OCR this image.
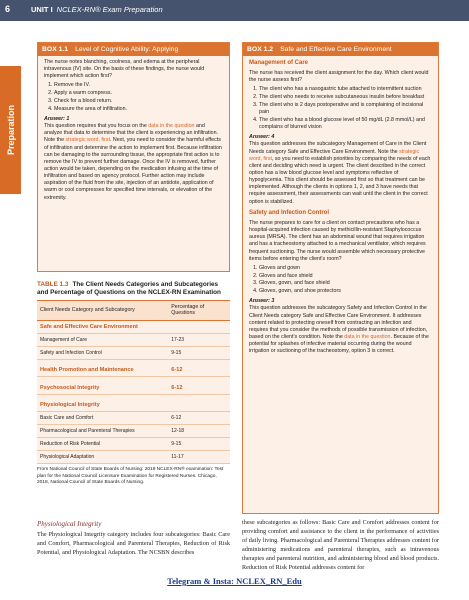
6	UNIT I NCLEX-RN® Exam Preparation
Preparation
BOX 1.1 Level of Cognitive Ability: Applying

The nurse notes blanching, coolness, and edema at the peripheral intravenous (IV) site. On the basis of these findings, the nurse would implement which action first?

1. Remove the IV.
2. Apply a warm compress.
3. Check for a blood return.
4. Measure the area of infiltration.
Answer: 1

This question requires that you focus on the data in the question and analyze that data to determine that the client is experiencing an infiltration. Note the strategic word, first. Next, you need to consider the harmful effects of infiltration and determine the action to implement first. Because infiltration can be damaging to the surrounding tissue, the appropriate first action is to remove the IV to prevent further damage. Once the IV is removed, further action would be taken, depending on the medication infusing at the time of infiltration and based on agency protocol. Further action may include aspiration of the fluid from the site, injection of an antidote, application of warm or cool compresses for specified time intervals, or elevation of the extremity.

BOX 1.2 Safe and Effective Care Environment
Management of Care

The nurse has received the client assignment for the day. Which client would the nurse assess first?

1. The client who has a nasogastric tube attached to intermittent suction
2. The client who needs to receive subcutaneous insulin before breakfast
3. The client who is 2 days postoperative and is complaining of incisional pain
4. The client who has a blood glucose level of 50 mg/dL (2.8 mmol/L) and complains of blurred vision
Answer: 4

This question addresses the subcategory Management of Care in the Client Needs category Safe and Effective Care Environment. Note the strategic word, first, so you need to establish priorities by comparing the needs of each client and deciding which need is urgent. The client described in the correct option has a low blood glucose level and symptoms reflective of hypoglycemia. This client should be assessed first so that treatment can be implemented. Although the clients in options 1, 2, and 3 have needs that require assessment, their assessments can wait until the client in the correct option is stabilized.

Safety and Infection Control

The nurse prepares to care for a client on contact precautions who has a hospital-acquired infection caused by methicillin-resistant Staphylococcus aureus (MRSA). The client has an abdominal wound that requires irrigation and has a tracheostomy attached to a mechanical ventilator, which requires frequent suctioning. The nurse would assemble which necessary protective items before entering the client's room?

1. Gloves and gown
2. Gloves and face shield
3. Gloves, gown, and face shield
4. Gloves, gown, and shoe protectors
Answer: 3

This question addresses the subcategory Safety and Infection Control in the Client Needs category Safe and Effective Care Environment. It addresses content related to protecting oneself from contracting an infection and requires that you consider the methods of possible transmission of infection, based on the client's condition. Note the data in the question. Because of the potential for splashes of infective material occurring during the wound irrigation or suctioning of the tracheostomy, option 3 is correct.

TABLE 1.3 The Client Needs Categories and Subcategories and Percentage of Questions on the NCLEX-RN Examination
Client Needs Category and Subcategory	Percentage of Questions
Safe and Effective Care Environment	
Management of Care	17-23
Safety and Infection Control	9-15

Health Promotion and Maintenance	6-12

Psychosocial Integrity	6-12

Physiological Integrity	
Basic Care and Comfort	6-12
Pharmacological and Parenteral Therapies	12-18
Reduction of Risk Potential	9-15
Physiological Adaptation	11-17
From National Council of State Boards of Nursing: 2019 NCLEX-RN® examination: Test plan for the National Council Licensure Examination for Registered Nurses. Chicago, 2018, National Council of State Boards of Nursing.
Physiological Integrity
The Physiological Integrity category includes four subcategories: Basic Care and Comfort, Pharmacological and Parenteral Therapies, Reduction of Risk Potential, and Physiological Adaptation. The NCSBN describes
these subcategories as follows: Basic Care and Comfort addresses content for providing comfort and assistance to the client in the performance of activities of daily living. Pharmacological and Parenteral Therapies addresses content for administering medications and parenteral therapies, such as intravenous therapies and parenteral nutrition, and administering blood and blood products. Reduction of Risk Potential addresses content for
Telegram & Insta: NCLEX_RN_Edu
